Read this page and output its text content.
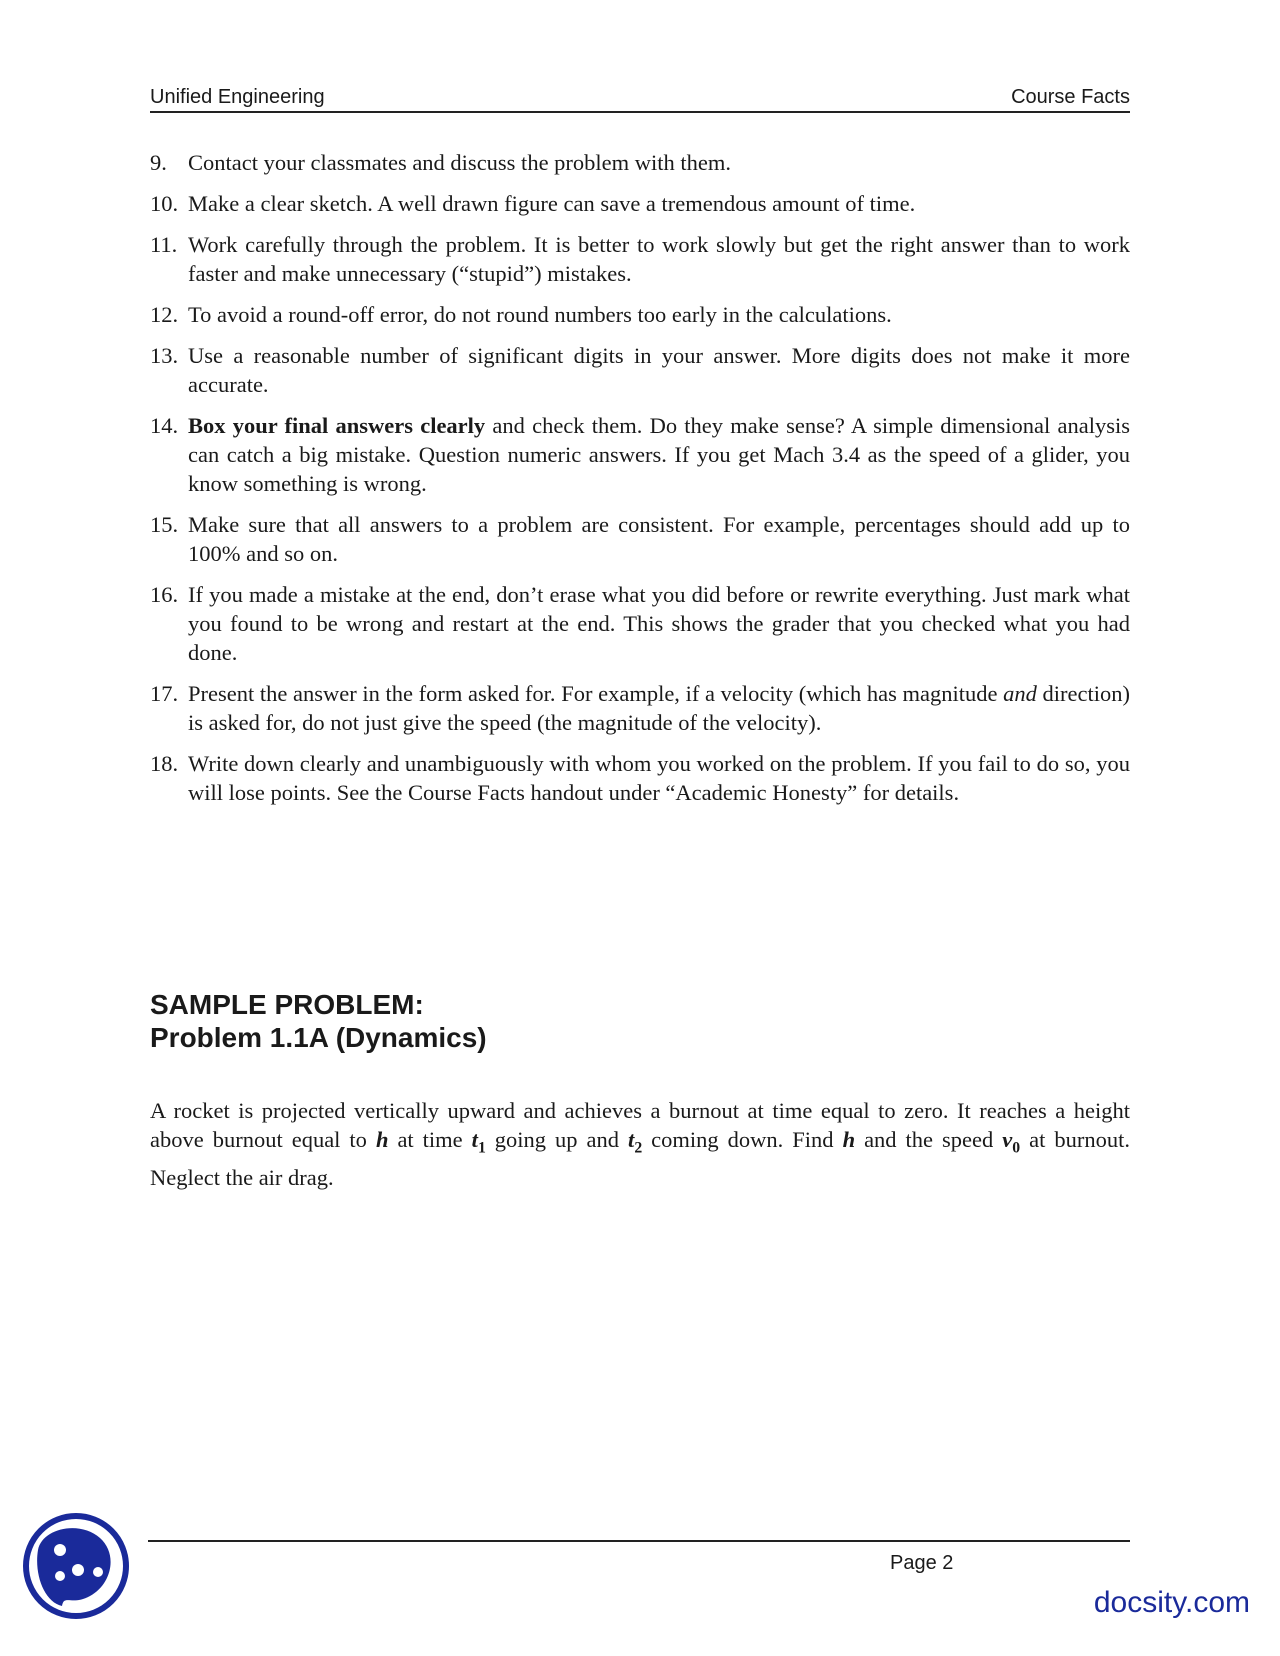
Unified Engineering	Course Facts
9. Contact your classmates and discuss the problem with them.
10. Make a clear sketch. A well drawn figure can save a tremendous amount of time.
11. Work carefully through the problem. It is better to work slowly but get the right answer than to work faster and make unnecessary (“stupid”) mistakes.
12. To avoid a round-off error, do not round numbers too early in the calculations.
13. Use a reasonable number of significant digits in your answer. More digits does not make it more accurate.
14. Box your final answers clearly and check them. Do they make sense? A simple dimensional analysis can catch a big mistake. Question numeric answers. If you get Mach 3.4 as the speed of a glider, you know something is wrong.
15. Make sure that all answers to a problem are consistent. For example, percentages should add up to 100% and so on.
16. If you made a mistake at the end, don’t erase what you did before or rewrite everything. Just mark what you found to be wrong and restart at the end. This shows the grader that you checked what you had done.
17. Present the answer in the form asked for. For example, if a velocity (which has magnitude and direction) is asked for, do not just give the speed (the magnitude of the velocity).
18. Write down clearly and unambiguously with whom you worked on the problem. If you fail to do so, you will lose points. See the Course Facts handout under “Academic Honesty” for details.
SAMPLE PROBLEM:
Problem 1.1A (Dynamics)

A rocket is projected vertically upward and achieves a burnout at time equal to zero. It reaches a height above burnout equal to h at time $t_1$ going up and $t_2$ coming down. Find h and the speed $v_0$ at burnout. Neglect the air drag.

Page 2
docsity.com
